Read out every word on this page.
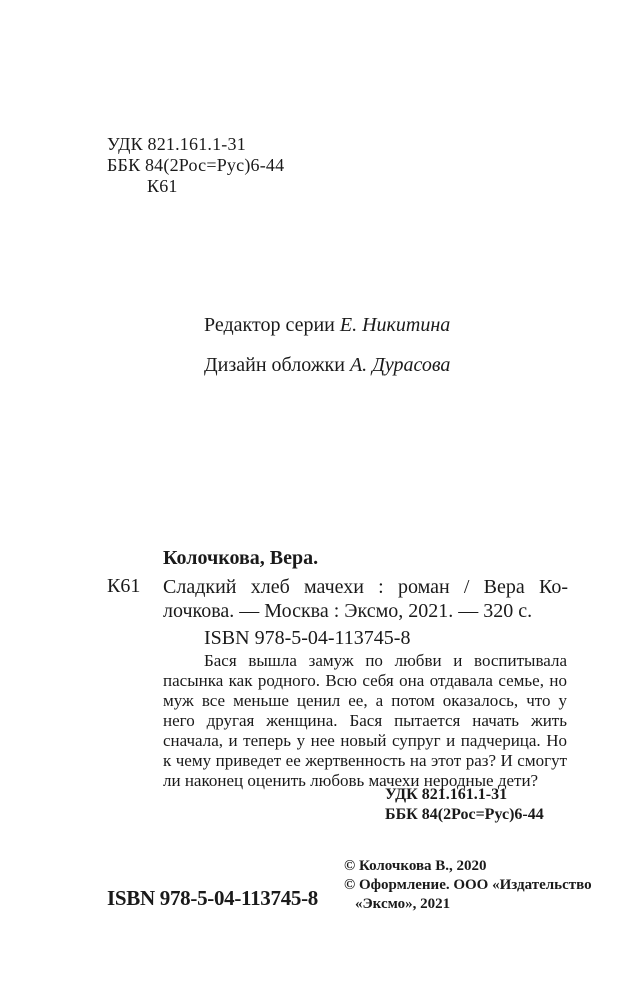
УДК 821.161.1-31
ББК 84(2Рос=Рус)6-44
К61
Редактор серии Е. Никитина
Дизайн обложки А. Дурасова
Колочкова, Вера.
К61 Сладкий хлеб мачехи : роман / Вера Ко-
лочкова. — Москва : Эксмо, 2021. — 320 с.
ISBN 978-5-04-113745-8

Бася вышла замуж по любви и воспитывала пасынка как родного. Всю себя она отдавала семье, но муж все меньше ценил ее, а потом оказалось, что у него другая женщина. Бася пытается начать жить сначала, и теперь у нее новый супруг и падчерица. Но к чему приведет ее жертвенность на этот раз? И смогут ли наконец оценить любовь мачехи неродные дети?

УДК 821.161.1-31
ББК 84(2Рос=Рус)6-44
© Колочкова В., 2020
© Оформление. ООО «Издательство
«Эксмо», 2021
ISBN 978-5-04-113745-8
